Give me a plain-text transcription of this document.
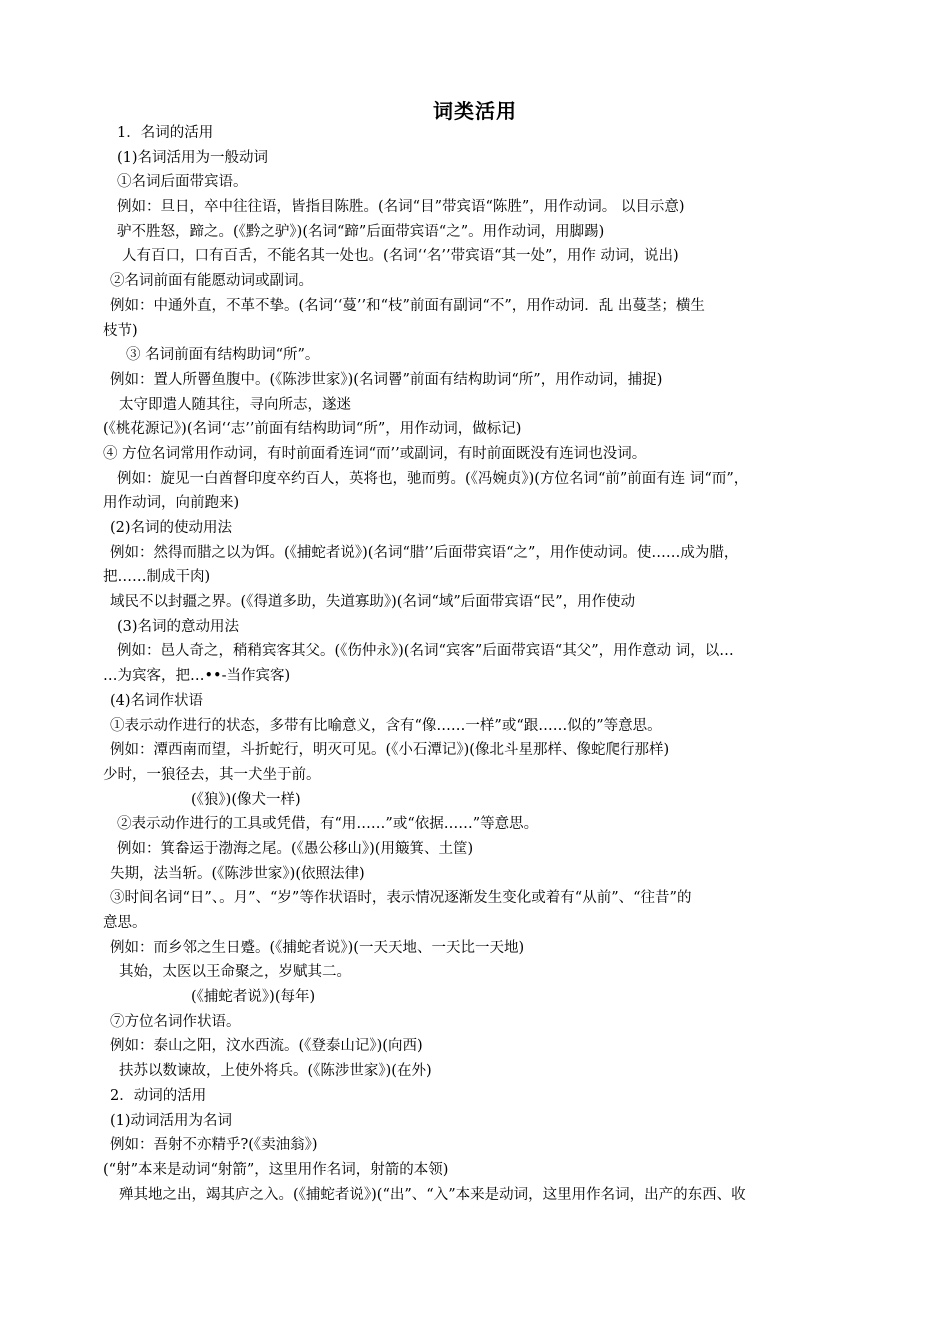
词类活用
1．名词的活用
(1)名词活用为一般动词
①名词后面带宾语。
例如：旦日，卒中往往语，皆指目陈胜。(名词“目”带宾语“陈胜”，用作动词。 以目示意)
驴不胜怒，蹄之。(《黔之驴》)(名词“蹄”后面带宾语“之”。用作动词，用脚踢)
人有百口，口有百舌，不能名其一处也。(名词‘‘名’’带宾语“其一处”，用作 动词，说出)
②名词前面有能愿动词或副词。
例如：中通外直，不革不挚。(名词‘‘蔓’’和“枝”前面有副词“不”，用作动词．乱 出蔓茎；横生
枝节)
③ 名词前面有结构助词“所”。
例如：置人所罾鱼腹中。(《陈涉世家》)(名词罾”前面有结构助词“所”，用作动词，捕捉)
太守即遣人随其往，寻向所志，遂迷
(《桃花源记》)(名词‘‘志’’前面有结构助词“所”，用作动词，做标记)
④ 方位名词常用作动词，有时前面肴连词“而’’或副词，有时前面既没有连词也没词。
例如：旋见一白酋督印度卒约百人，英将也，驰而剪。(《冯婉贞》)(方位名词“前”前面有连 词“而”，
用作动词，向前跑来)
(2)名词的使动用法
例如：然得而腊之以为饵。(《捕蛇者说》)(名词“腊’’后面带宾语“之”，用作使动词。使……成为腊，
把……制成干肉)
域民不以封疆之界。(《得道多助，失道寡助》)(名词“域”后面带宾语“民”，用作使动
(3)名词的意动用法
例如：邑人奇之，稍稍宾客其父。(《伤仲永》)(名词“宾客”后面带宾语“其父”，用作意动 词，以…
…为宾客，把…••-当作宾客)
(4)名词作状语
①表示动作进行的状态，多带有比喻意义，含有“像……一样”或“跟……似的”等意思。
例如：潭西南而望，斗折蛇行，明灭可见。(《小石潭记》)(像北斗星那样、像蛇爬行那样)
少时，一狼径去，其一犬坐于前。
(《狼》)(像犬一样)
②表示动作进行的工具或凭借，有“用……”或“依据……”等意思。
例如：箕畚运于渤海之尾。(《愚公移山》)(用簸箕、土筐)
失期，法当斩。(《陈涉世家》)(依照法律)
③时间名词“日”、。月”、“岁”等作状语时，表示情况逐渐发生变化或着有“从前”、“往昔”的
意思。
例如：而乡邻之生日蹙。(《捕蛇者说》)(一天天地、一天比一天地)
其始，太医以王命聚之，岁赋其二。
(《捕蛇者说》)(每年)
⑦方位名词作状语。
例如：泰山之阳，汶水西流。(《登泰山记》)(向西)
扶苏以数谏故，上使外将兵。(《陈涉世家》)(在外)
2．动词的活用
(1)动词活用为名词
例如：吾射不亦精乎?(《卖油翁》)
(“射”本来是动词“射箭”，这里用作名词，射箭的本领)
殚其地之出，竭其庐之入。(《捕蛇者说》)(“出”、“入”本来是动词，这里用作名词，出产的东西、收
